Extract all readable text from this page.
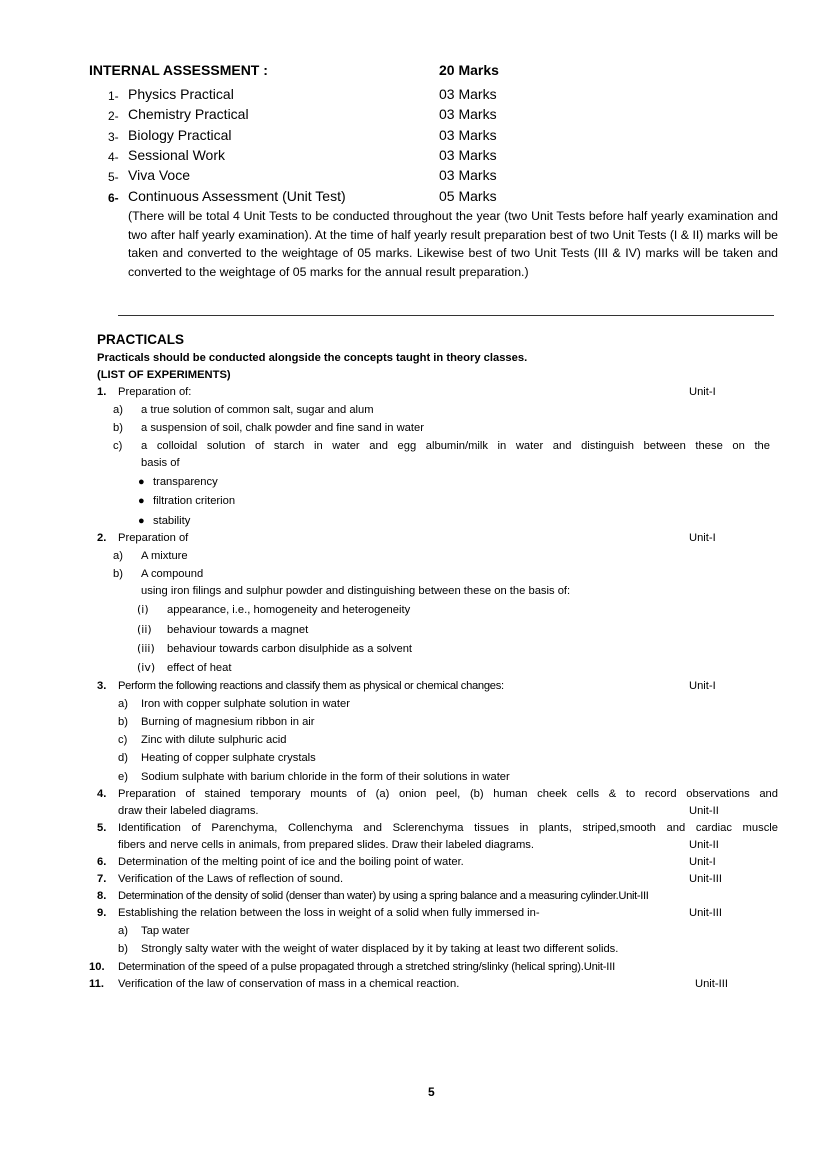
INTERNAL ASSESSMENT :	20 Marks
1- Physics Practical	03 Marks
2- Chemistry Practical	03 Marks
3- Biology Practical	03 Marks
4- Sessional Work	03 Marks
5- Viva Voce	03 Marks
6- Continuous Assessment (Unit Test)	05 Marks
(There will be total 4 Unit Tests to be conducted throughout the year (two Unit Tests before half yearly examination and two after half yearly examination). At the time of half yearly result preparation best of two Unit Tests (I & II) marks will be taken and converted to the weightage of 05 marks. Likewise best of two Unit Tests (III & IV) marks will be taken and converted to the weightage of 05 marks for the annual result preparation.)
PRACTICALS
Practicals should be conducted alongside the concepts taught in theory classes.
(LIST OF EXPERIMENTS)
1. Preparation of:	Unit-I
a) a true solution of common salt, sugar and alum
b) a suspension of soil, chalk powder and fine sand in water
c) a colloidal solution of starch in water and egg albumin/milk in water and distinguish between these on the
basis of
● transparency
● filtration criterion
● stability
2. Preparation of	Unit-I
a) A mixture
b) A compound
using iron filings and sulphur powder and distinguishing between these on the basis of:
(i) appearance, i.e., homogeneity and heterogeneity
(ii) behaviour towards a magnet
(iii) behaviour towards carbon disulphide as a solvent
(iv) effect of heat
3. Perform the following reactions and classify them as physical or chemical changes:	Unit-I
a) Iron with copper sulphate solution in water
b) Burning of magnesium ribbon in air
c) Zinc with dilute sulphuric acid
d) Heating of copper sulphate crystals
e) Sodium sulphate with barium chloride in the form of their solutions in water
4. Preparation of stained temporary mounts of (a) onion peel, (b) human cheek cells & to record observations and
draw their labeled diagrams.	Unit-II
5. Identification of Parenchyma, Collenchyma and Sclerenchyma tissues in plants, striped,smooth and cardiac muscle
fibers and nerve cells in animals, from prepared slides. Draw their labeled diagrams.	Unit-II
6. Determination of the melting point of ice and the boiling point of water.	Unit-I
7. Verification of the Laws of reflection of sound.	Unit-III
8. Determination of the density of solid (denser than water) by using a spring balance and a measuring cylinder.Unit-III
9. Establishing the relation between the loss in weight of a solid when fully immersed in-	Unit-III
a) Tap water
b) Strongly salty water with the weight of water displaced by it by taking at least two different solids.
10. Determination of the speed of a pulse propagated through a stretched string/slinky (helical spring).Unit-III
11. Verification of the law of conservation of mass in a chemical reaction.	Unit-III
5
